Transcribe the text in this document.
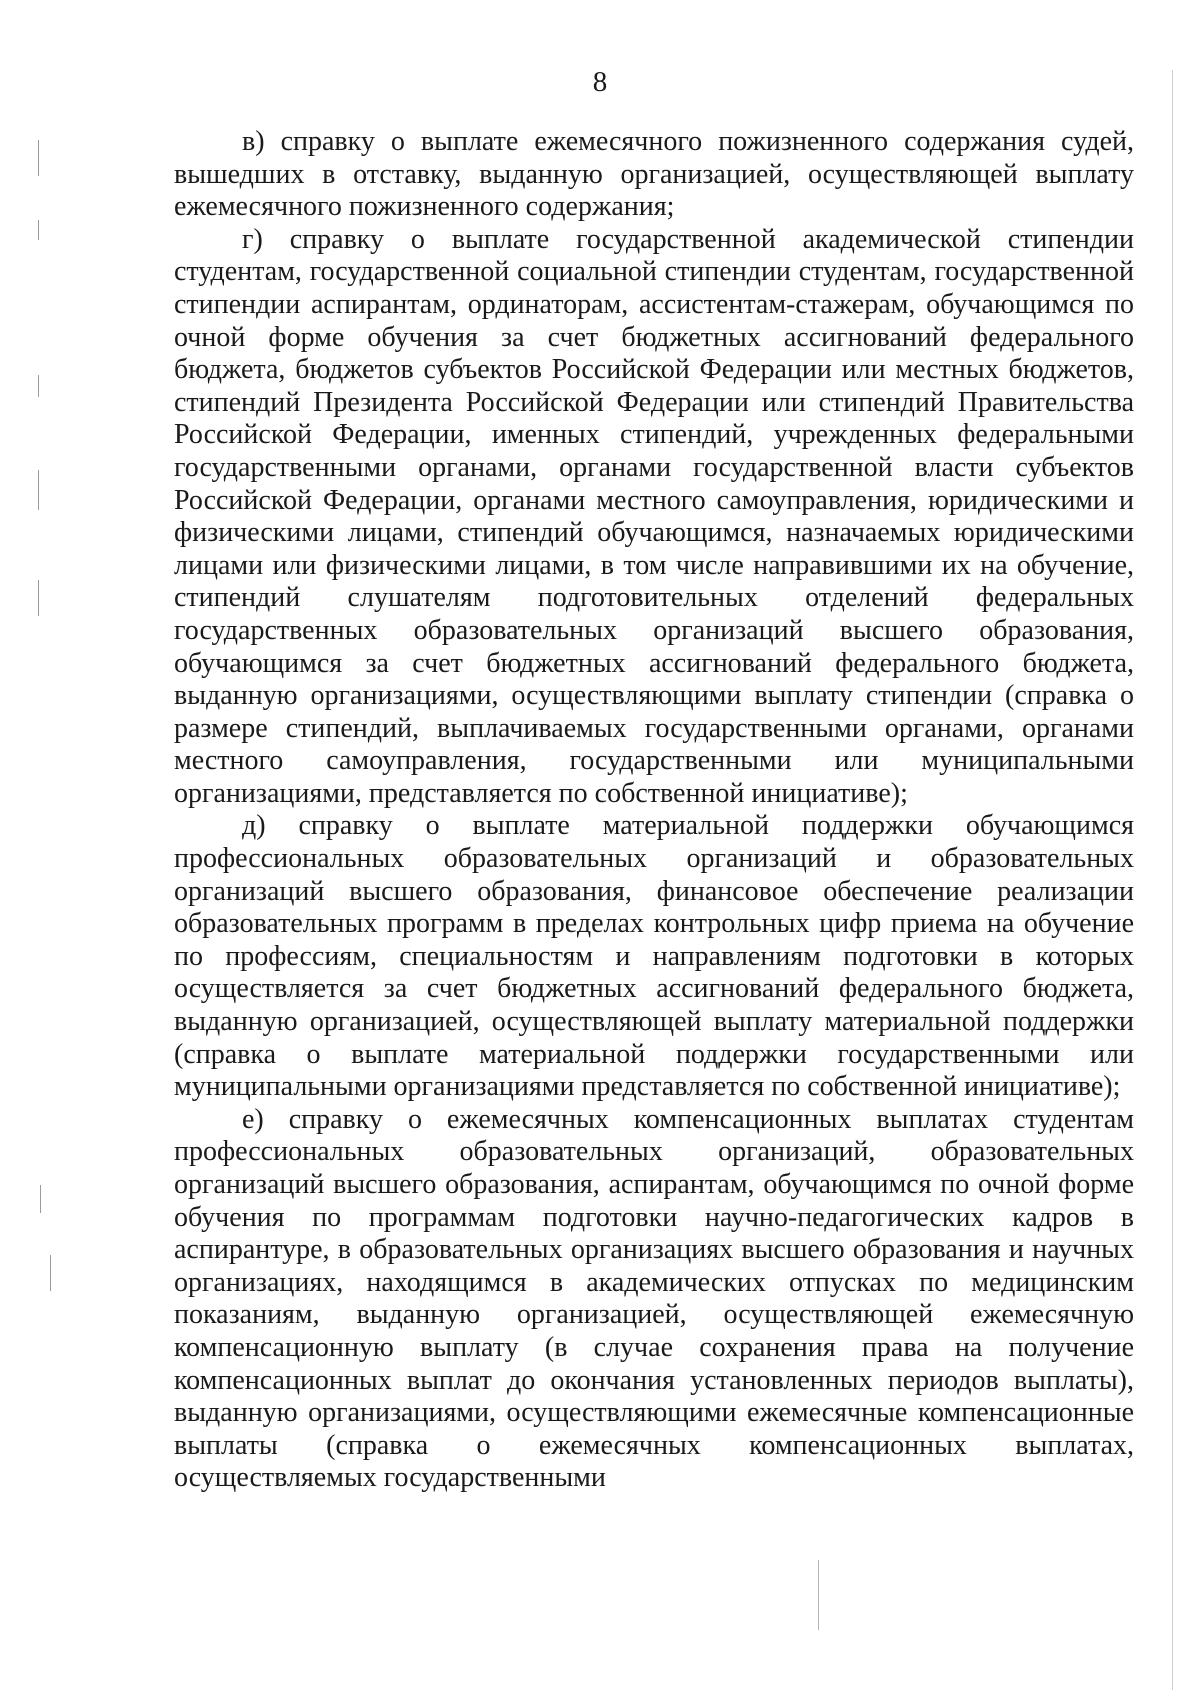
8

в) справку о выплате ежемесячного пожизненного содержания судей, вышедших в отставку, выданную организацией, осуществляющей выплату ежемесячного пожизненного содержания;

г) справку о выплате государственной академической стипендии студентам, государственной социальной стипендии студентам, государственной стипендии аспирантам, ординаторам, ассистентам-стажерам, обучающимся по очной форме обучения за счет бюджетных ассигнований федерального бюджета, бюджетов субъектов Российской Федерации или местных бюджетов, стипендий Президента Российской Федерации или стипендий Правительства Российской Федерации, именных стипендий, учрежденных федеральными государственными органами, органами государственной власти субъектов Российской Федерации, органами местного самоуправления, юридическими и физическими лицами, стипендий обучающимся, назначаемых юридическими лицами или физическими лицами, в том числе направившими их на обучение, стипендий слушателям подготовительных отделений федеральных государственных образовательных организаций высшего образования, обучающимся за счет бюджетных ассигнований федерального бюджета, выданную организациями, осуществляющими выплату стипендии (справка о размере стипендий, выплачиваемых государственными органами, органами местного самоуправления, государственными или муниципальными организациями, представляется по собственной инициативе);

д) справку о выплате материальной поддержки обучающимся профессиональных образовательных организаций и образовательных организаций высшего образования, финансовое обеспечение реализации образовательных программ в пределах контрольных цифр приема на обучение по профессиям, специальностям и направлениям подготовки в которых осуществляется за счет бюджетных ассигнований федерального бюджета, выданную организацией, осуществляющей выплату материальной поддержки (справка о выплате материальной поддержки государственными или муниципальными организациями представляется по собственной инициативе);

е) справку о ежемесячных компенсационных выплатах студентам профессиональных образовательных организаций, образовательных организаций высшего образования, аспирантам, обучающимся по очной форме обучения по программам подготовки научно-педагогических кадров в аспирантуре, в образовательных организациях высшего образования и научных организациях, находящимся в академических отпусках по медицинским показаниям, выданную организацией, осуществляющей ежемесячную компенсационную выплату (в случае сохранения права на получение компенсационных выплат до окончания установленных периодов выплаты), выданную организациями, осуществляющими ежемесячные компенсационные выплаты (справка о ежемесячных компенсационных выплатах, осуществляемых государственными
